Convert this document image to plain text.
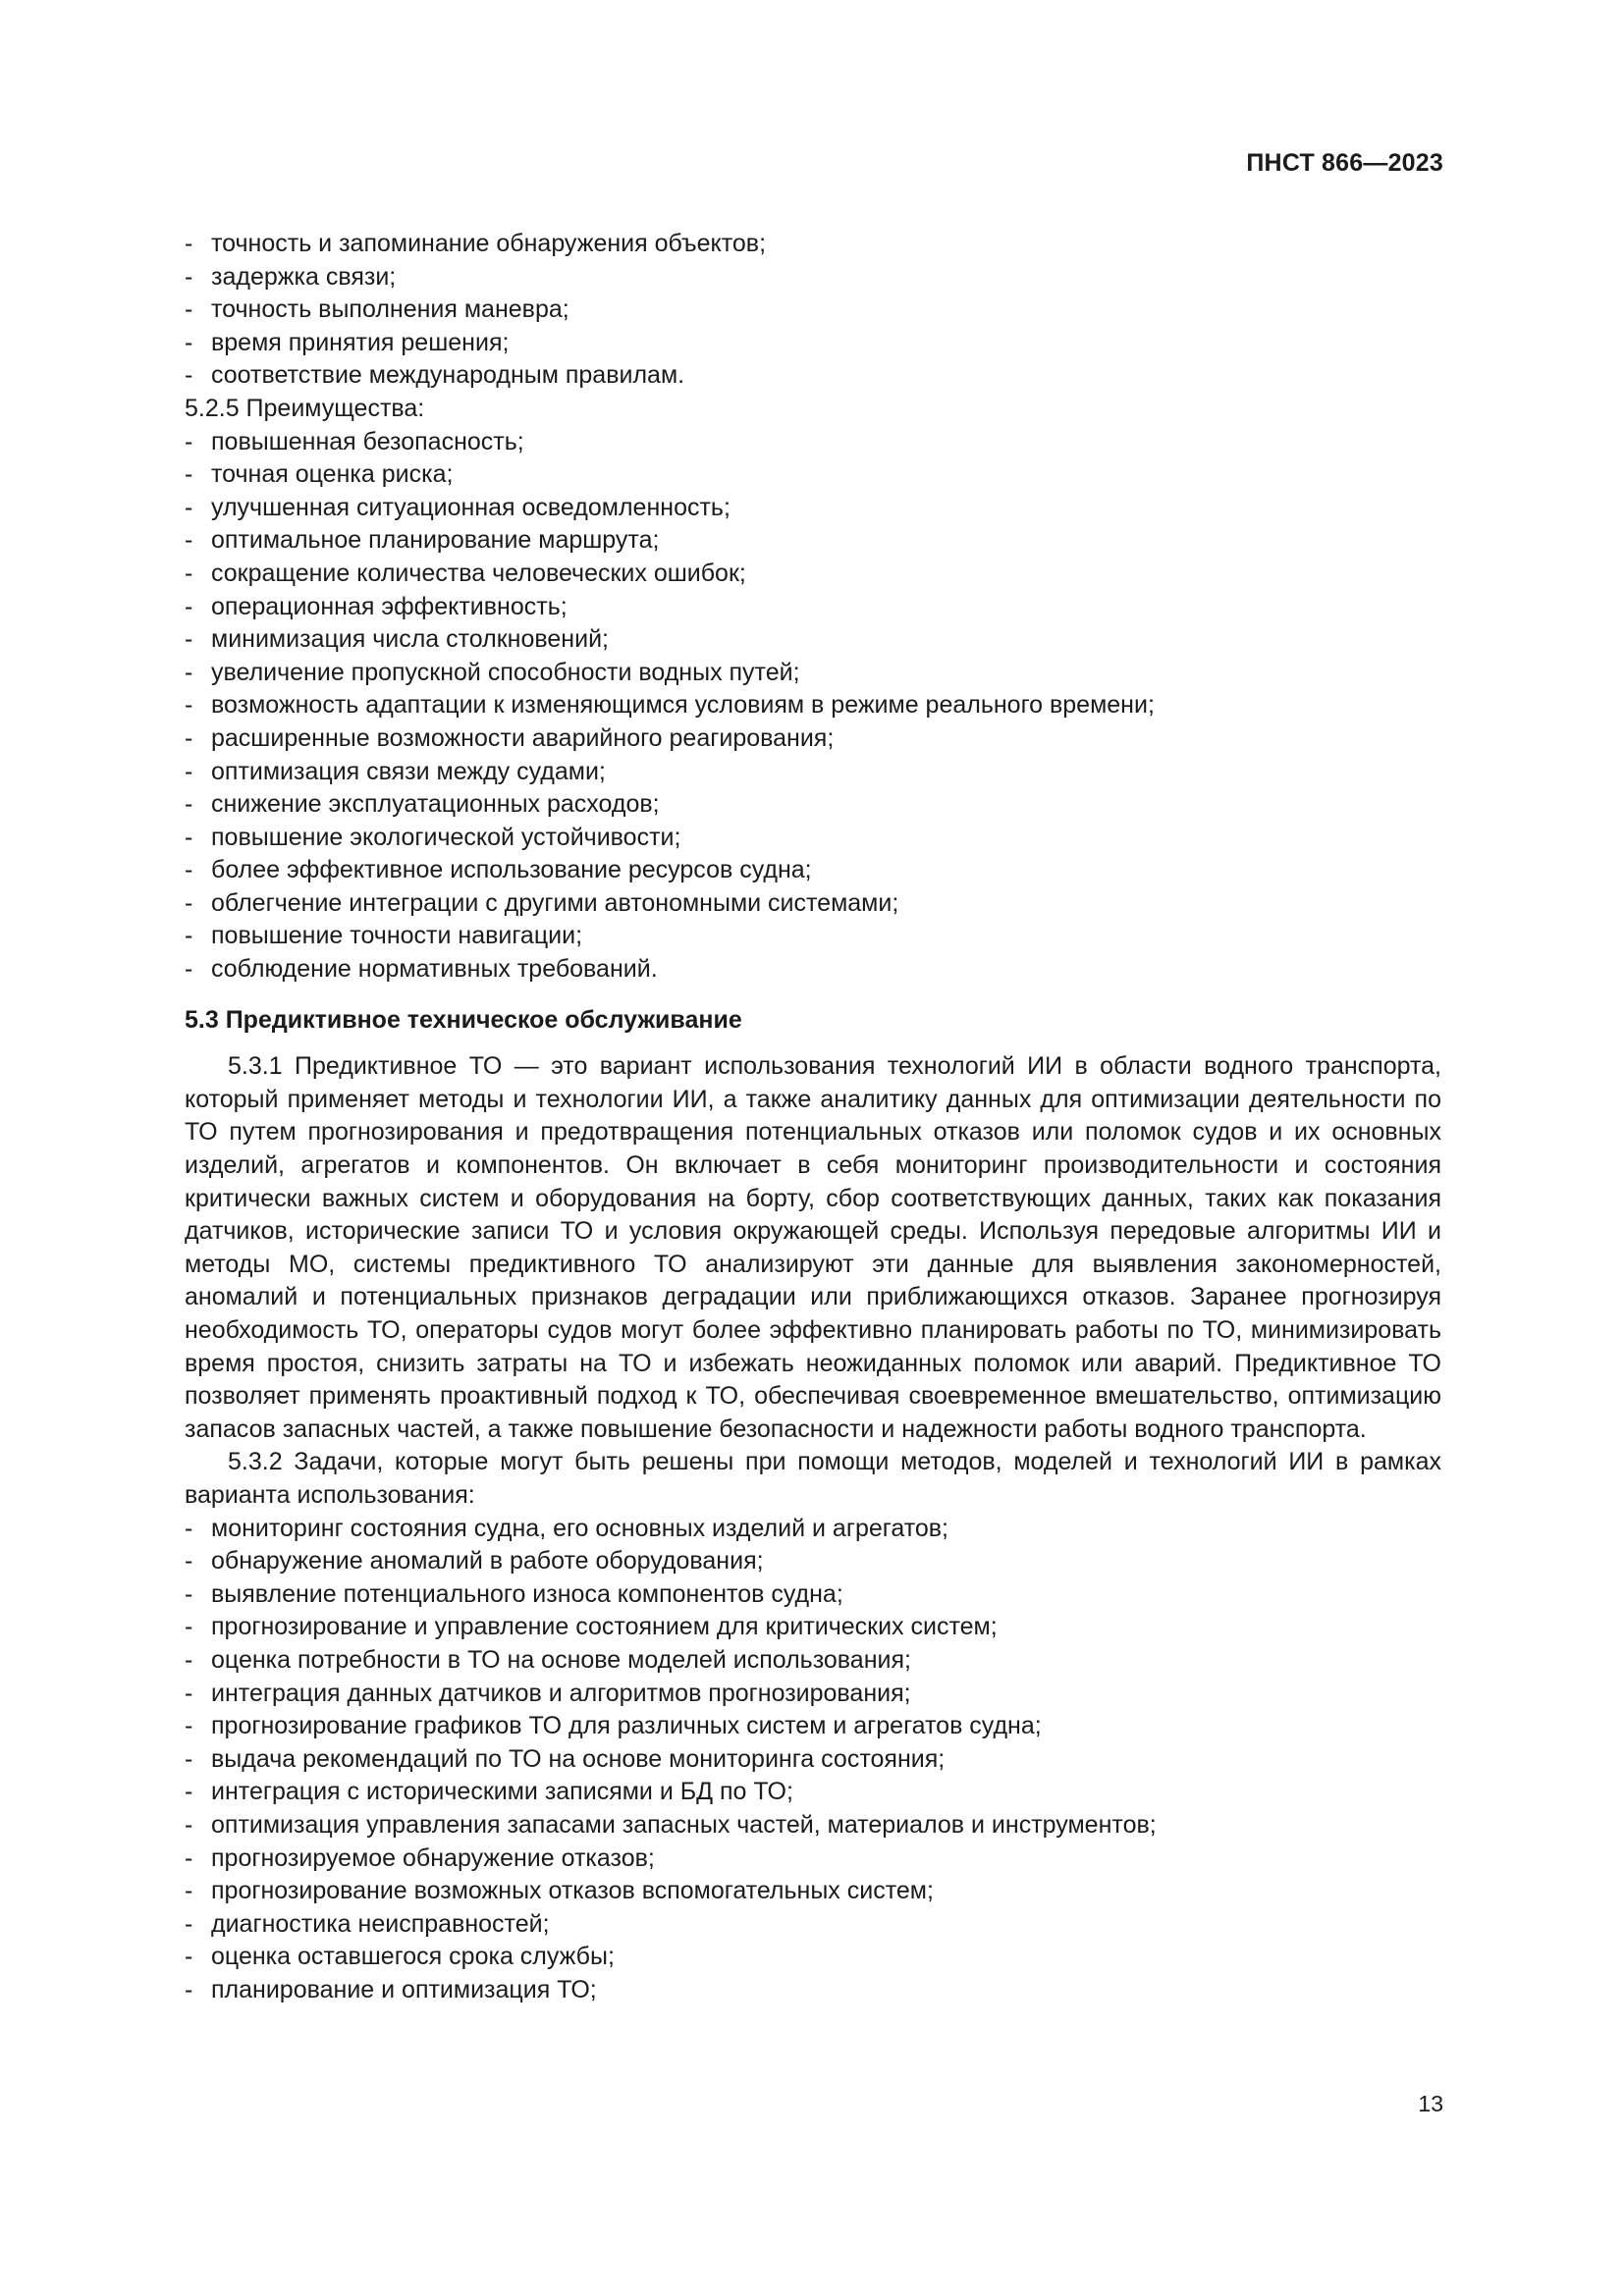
ПНСТ 866—2023
- точность и запоминание обнаружения объектов;
- задержка связи;
- точность выполнения маневра;
- время принятия решения;
- соответствие международным правилам.
5.2.5 Преимущества:
- повышенная безопасность;
- точная оценка риска;
- улучшенная ситуационная осведомленность;
- оптимальное планирование маршрута;
- сокращение количества человеческих ошибок;
- операционная эффективность;
- минимизация числа столкновений;
- увеличение пропускной способности водных путей;
- возможность адаптации к изменяющимся условиям в режиме реального времени;
- расширенные возможности аварийного реагирования;
- оптимизация связи между судами;
- снижение эксплуатационных расходов;
- повышение экологической устойчивости;
- более эффективное использование ресурсов судна;
- облегчение интеграции с другими автономными системами;
- повышение точности навигации;
- соблюдение нормативных требований.
5.3 Предиктивное техническое обслуживание
5.3.1 Предиктивное ТО — это вариант использования технологий ИИ в области водного транспорта, который применяет методы и технологии ИИ, а также аналитику данных для оптимизации деятельности по ТО путем прогнозирования и предотвращения потенциальных отказов или поломок судов и их основных изделий, агрегатов и компонентов. Он включает в себя мониторинг производительности и состояния критически важных систем и оборудования на борту, сбор соответствующих данных, таких как показания датчиков, исторические записи ТО и условия окружающей среды. Используя передовые алгоритмы ИИ и методы МО, системы предиктивного ТО анализируют эти данные для выявления закономерностей, аномалий и потенциальных признаков деградации или приближающихся отказов. Заранее прогнозируя необходимость ТО, операторы судов могут более эффективно планировать работы по ТО, минимизировать время простоя, снизить затраты на ТО и избежать неожиданных поломок или аварий. Предиктивное ТО позволяет применять проактивный подход к ТО, обеспечивая своевременное вмешательство, оптимизацию запасов запасных частей, а также повышение безопасности и надежности работы водного транспорта.
5.3.2 Задачи, которые могут быть решены при помощи методов, моделей и технологий ИИ в рамках варианта использования:
- мониторинг состояния судна, его основных изделий и агрегатов;
- обнаружение аномалий в работе оборудования;
- выявление потенциального износа компонентов судна;
- прогнозирование и управление состоянием для критических систем;
- оценка потребности в ТО на основе моделей использования;
- интеграция данных датчиков и алгоритмов прогнозирования;
- прогнозирование графиков ТО для различных систем и агрегатов судна;
- выдача рекомендаций по ТО на основе мониторинга состояния;
- интеграция с историческими записями и БД по ТО;
- оптимизация управления запасами запасных частей, материалов и инструментов;
- прогнозируемое обнаружение отказов;
- прогнозирование возможных отказов вспомогательных систем;
- диагностика неисправностей;
- оценка оставшегося срока службы;
- планирование и оптимизация ТО;
13
